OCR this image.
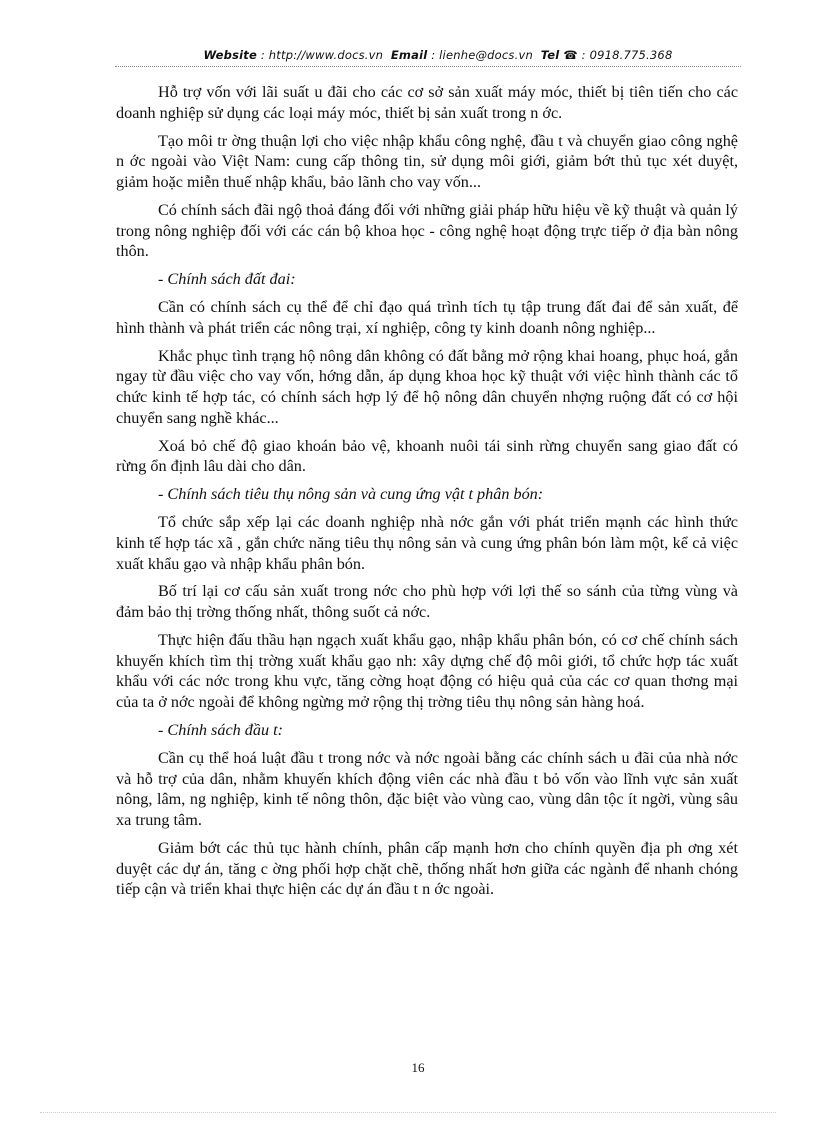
Website : http://www.docs.vn Email : lienhe@docs.vn Tel ☎ : 0918.775.368

Hỗ trợ vốn với lãi suất u đãi cho các cơ sở sản xuất máy móc, thiết bị tiên tiến cho các doanh nghiệp sử dụng các loại máy móc, thiết bị sản xuất trong n ớc.

Tạo môi tr ờng thuận lợi cho việc nhập khẩu công nghệ, đầu t và chuyển giao công nghệ n ớc ngoài vào Việt Nam: cung cấp thông tin, sử dụng môi giới, giảm bớt thủ tục xét duyệt, giảm hoặc miễn thuế nhập khẩu, bảo lãnh cho vay vốn...

Có chính sách đãi ngộ thoả đáng đối với những giải pháp hữu hiệu về kỹ thuật và quản lý trong nông nghiệp đối với các cán bộ khoa học - công nghệ hoạt động trực tiếp ở địa bàn nông thôn.

- Chính sách đất đai:

Cần có chính sách cụ thể để chỉ đạo quá trình tích tụ tập trung đất đai để sản xuất, để hình thành và phát triển các nông trại, xí nghiệp, công ty kinh doanh nông nghiệp...

Khắc phục tình trạng hộ nông dân không có đất bằng mở rộng khai hoang, phục hoá, gắn ngay từ đầu việc cho vay vốn, hớng dẫn, áp dụng khoa học kỹ thuật với việc hình thành các tổ chức kinh tế hợp tác, có chính sách hợp lý để hộ nông dân chuyển nhợng ruộng đất có cơ hội chuyển sang nghề khác...

Xoá bỏ chế độ giao khoán bảo vệ, khoanh nuôi tái sinh rừng chuyển sang giao đất có rừng ổn định lâu dài cho dân.

- Chính sách tiêu thụ nông sản và cung ứng vật t phân bón:

Tổ chức sắp xếp lại các doanh nghiệp nhà nớc gắn với phát triển mạnh các hình thức kinh tế hợp tác xã , gắn chức năng tiêu thụ nông sản và cung ứng phân bón làm một, kể cả việc xuất khẩu gạo và nhập khẩu phân bón.

Bố trí lại cơ cấu sản xuất trong nớc cho phù hợp với lợi thế so sánh của từng vùng và đảm bảo thị trờng thống nhất, thông suốt cả nớc.

Thực hiện đấu thầu hạn ngạch xuất khẩu gạo, nhập khẩu phân bón, có cơ chế chính sách khuyến khích tìm thị trờng xuất khẩu gạo nh: xây dựng chế độ môi giới, tổ chức hợp tác xuất khẩu với các nớc trong khu vực, tăng cờng hoạt động có hiệu quả của các cơ quan thơng mại của ta ở nớc ngoài để không ngừng mở rộng thị trờng tiêu thụ nông sản hàng hoá.

- Chính sách đầu t:

Cần cụ thể hoá luật đầu t trong nớc và nớc ngoài bằng các chính sách u đãi của nhà nớc và hỗ trợ của dân, nhằm khuyến khích động viên các nhà đầu t bỏ vốn vào lĩnh vực sản xuất nông, lâm, ng nghiệp, kinh tế nông thôn, đặc biệt vào vùng cao, vùng dân tộc ít ngời, vùng sâu xa trung tâm.

Giảm bớt các thủ tục hành chính, phân cấp mạnh hơn cho chính quyền địa ph ơng xét duyệt các dự án, tăng c ờng phối hợp chặt chẽ, thống nhất hơn giữa các ngành để nhanh chóng tiếp cận và triển khai thực hiện các dự án đầu t n ớc ngoài.

16
